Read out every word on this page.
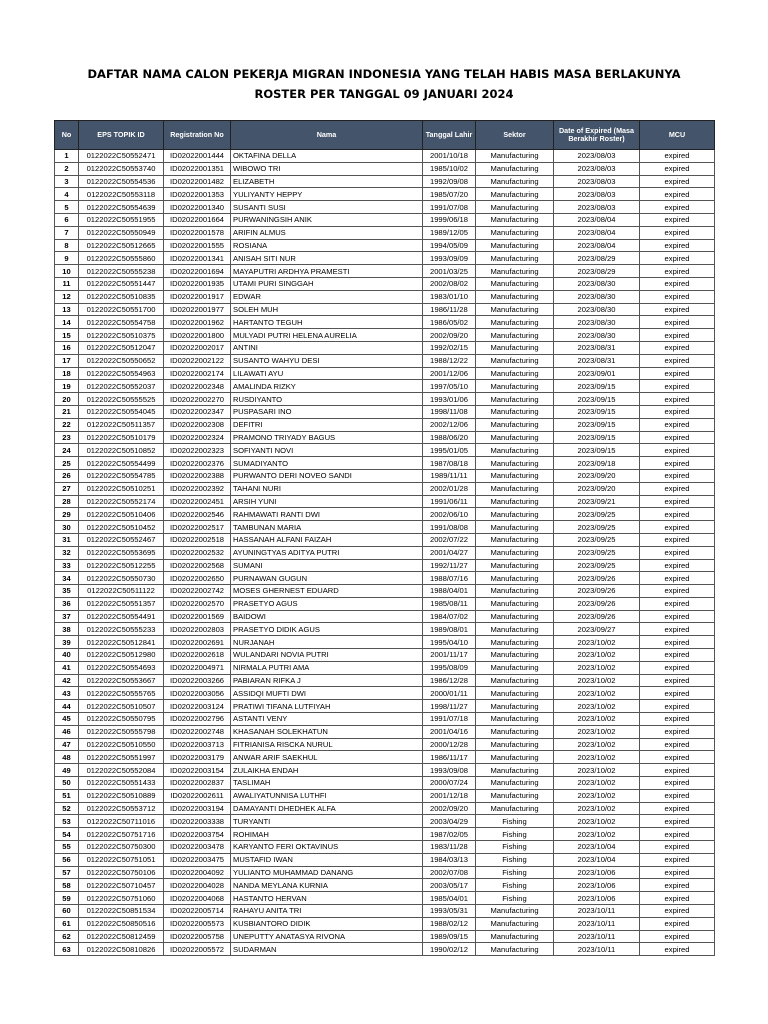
DAFTAR NAMA CALON PEKERJA MIGRAN INDONESIA YANG TELAH HABIS MASA BERLAKUNYA
ROSTER PER TANGGAL 09 JANUARI 2024
No	EPS TOPIK ID	Registration No	Nama	Tanggal Lahir	Sektor	Date of Expired (Masa Berakhir Roster)	MCU
1	0122022C50552471	ID02022001444	OKTAFINA DELLA	2001/10/18	Manufacturing	2023/08/03	expired
2	0122022C50553740	ID02022001351	WIBOWO TRI	1985/10/02	Manufacturing	2023/08/03	expired
3	0122022C50554536	ID02022001482	ELIZABETH	1992/09/08	Manufacturing	2023/08/03	expired
4	0122022C50553118	ID02022001353	YULIYANTY HEPPY	1985/07/20	Manufacturing	2023/08/03	expired
5	0122022C50554639	ID02022001340	SUSANTI SUSI	1991/07/08	Manufacturing	2023/08/03	expired
6	0122022C50551955	ID02022001664	PURWANINGSIH ANIK	1999/06/18	Manufacturing	2023/08/04	expired
7	0122022C50550949	ID02022001578	ARIFIN ALMUS	1989/12/05	Manufacturing	2023/08/04	expired
8	0122022C50512665	ID02022001555	ROSIANA	1994/05/09	Manufacturing	2023/08/04	expired
9	0122022C50555860	ID02022001341	ANISAH SITI NUR	1993/09/09	Manufacturing	2023/08/29	expired
10	0122022C50555238	ID02022001694	MAYAPUTRI ARDHYA PRAMESTI	2001/03/25	Manufacturing	2023/08/29	expired
11	0122022C50551447	ID02022001935	UTAMI PURI SINGGAH	2002/08/02	Manufacturing	2023/08/30	expired
12	0122022C50510835	ID02022001917	EDWAR	1983/01/10	Manufacturing	2023/08/30	expired
13	0122022C50551700	ID02022001977	SOLEH MUH	1986/11/28	Manufacturing	2023/08/30	expired
14	0122022C50554758	ID02022001962	HARTANTO TEGUH	1986/05/02	Manufacturing	2023/08/30	expired
15	0122022C50510375	ID02022001800	MULYADI PUTRI HELENA AURELIA	2002/09/20	Manufacturing	2023/08/30	expired
16	0122022C50512047	ID02022002017	ANTINI	1992/02/15	Manufacturing	2023/08/31	expired
17	0122022C50550652	ID02022002122	SUSANTO WAHYU DESI	1988/12/22	Manufacturing	2023/08/31	expired
18	0122022C50554963	ID02022002174	LILAWATI AYU	2001/12/06	Manufacturing	2023/09/01	expired
19	0122022C50552037	ID02022002348	AMALINDA RIZKY	1997/05/10	Manufacturing	2023/09/15	expired
20	0122022C50555525	ID02022002270	RUSDIYANTO	1993/01/06	Manufacturing	2023/09/15	expired
21	0122022C50554045	ID02022002347	PUSPASARI INO	1998/11/08	Manufacturing	2023/09/15	expired
22	0122022C50511357	ID02022002308	DEFITRI	2002/12/06	Manufacturing	2023/09/15	expired
23	0122022C50510179	ID02022002324	PRAMONO TRIYADY BAGUS	1988/06/20	Manufacturing	2023/09/15	expired
24	0122022C50510852	ID02022002323	SOFIYANTI NOVI	1995/01/05	Manufacturing	2023/09/15	expired
25	0122022C50554499	ID02022002376	SUMADIYANTO	1987/08/18	Manufacturing	2023/09/18	expired
26	0122022C50554785	ID02022002388	PURWANTO DERI NOVEO SANDI	1989/11/11	Manufacturing	2023/09/20	expired
27	0122022C50510251	ID02022002392	TAHANI NURI	2002/01/28	Manufacturing	2023/09/20	expired
28	0122022C50552174	ID02022002451	ARSIH YUNI	1991/06/11	Manufacturing	2023/09/21	expired
29	0122022C50510406	ID02022002546	RAHMAWATI RANTI DWI	2002/06/10	Manufacturing	2023/09/25	expired
30	0122022C50510452	ID02022002517	TAMBUNAN MARIA	1991/08/08	Manufacturing	2023/09/25	expired
31	0122022C50552467	ID02022002518	HASSANAH ALFANI FAIZAH	2002/07/22	Manufacturing	2023/09/25	expired
32	0122022C50553695	ID02022002532	AYUNINGTYAS ADITYA PUTRI	2001/04/27	Manufacturing	2023/09/25	expired
33	0122022C50512255	ID02022002568	SUMANI	1992/11/27	Manufacturing	2023/09/25	expired
34	0122022C50550730	ID02022002650	PURNAWAN GUGUN	1988/07/16	Manufacturing	2023/09/26	expired
35	0122022C50511122	ID02022002742	MOSES GHERNEST EDUARD	1988/04/01	Manufacturing	2023/09/26	expired
36	0122022C50551357	ID02022002570	PRASETYO AGUS	1985/08/11	Manufacturing	2023/09/26	expired
37	0122022C50554491	ID02022001569	BAIDOWI	1984/07/02	Manufacturing	2023/09/26	expired
38	0122022C50555233	ID02022002803	PRASETYO DIDIK AGUS	1989/08/01	Manufacturing	2023/09/27	expired
39	0122022C50512841	ID02022002691	NURJANAH	1995/04/10	Manufacturing	2023/10/02	expired
40	0122022C50512980	ID02022002618	WULANDARI NOVIA PUTRI	2001/11/17	Manufacturing	2023/10/02	expired
41	0122022C50554693	ID02022004971	NIRMALA PUTRI AMA	1995/08/09	Manufacturing	2023/10/02	expired
42	0122022C50553667	ID02022003266	PABIARAN RIFKA J	1986/12/28	Manufacturing	2023/10/02	expired
43	0122022C50555765	ID02022003056	ASSIDQI MUFTI DWI	2000/01/11	Manufacturing	2023/10/02	expired
44	0122022C50510507	ID02022003124	PRATIWI TIFANA LUTFIYAH	1998/11/27	Manufacturing	2023/10/02	expired
45	0122022C50550795	ID02022002796	ASTANTI VENY	1991/07/18	Manufacturing	2023/10/02	expired
46	0122022C50555798	ID02022002748	KHASANAH SOLEKHATUN	2001/04/16	Manufacturing	2023/10/02	expired
47	0122022C50510550	ID02022003713	FITRIANISA RISCKA NURUL	2000/12/28	Manufacturing	2023/10/02	expired
48	0122022C50551997	ID02022003179	ANWAR ARIF SAEKHUL	1986/11/17	Manufacturing	2023/10/02	expired
49	0122022C50552084	ID02022003154	ZULAIKHA ENDAH	1993/09/08	Manufacturing	2023/10/02	expired
50	0122022C50551433	ID02022002837	TASLIMAH	2000/07/24	Manufacturing	2023/10/02	expired
51	0122022C50510889	ID02022002611	AWALIYATUNNISA LUTHFI	2001/12/18	Manufacturing	2023/10/02	expired
52	0122022C50553712	ID02022003194	DAMAYANTI DHEDHEK ALFA	2002/09/20	Manufacturing	2023/10/02	expired
53	0122022C50711016	ID02022003338	TURYANTI	2003/04/29	Fishing	2023/10/02	expired
54	0122022C50751716	ID02022003754	ROHIMAH	1987/02/05	Fishing	2023/10/02	expired
55	0122022C50750300	ID02022003478	KARYANTO FERI OKTAVINUS	1983/11/28	Fishing	2023/10/04	expired
56	0122022C50751051	ID02022003475	MUSTAFID IWAN	1984/03/13	Fishing	2023/10/04	expired
57	0122022C50750106	ID02022004092	YULIANTO MUHAMMAD DANANG	2002/07/08	Fishing	2023/10/06	expired
58	0122022C50710457	ID02022004028	NANDA MEYLANA KURNIA	2003/05/17	Fishing	2023/10/06	expired
59	0122022C50751060	ID02022004068	HASTANTO HERVAN	1985/04/01	Fishing	2023/10/06	expired
60	0122022C50851534	ID02022005714	RAHAYU ANITA TRI	1993/05/31	Manufacturing	2023/10/11	expired
61	0122022C50850516	ID02022005573	KUSBIANTORO DIDIK	1988/02/12	Manufacturing	2023/10/11	expired
62	0122022C50812459	ID02022005758	UNEPUTTY ANATASYA RIVONA	1989/09/15	Manufacturing	2023/10/11	expired
63	0122022C50810826	ID02022005572	SUDARMAN	1990/02/12	Manufacturing	2023/10/11	expired
